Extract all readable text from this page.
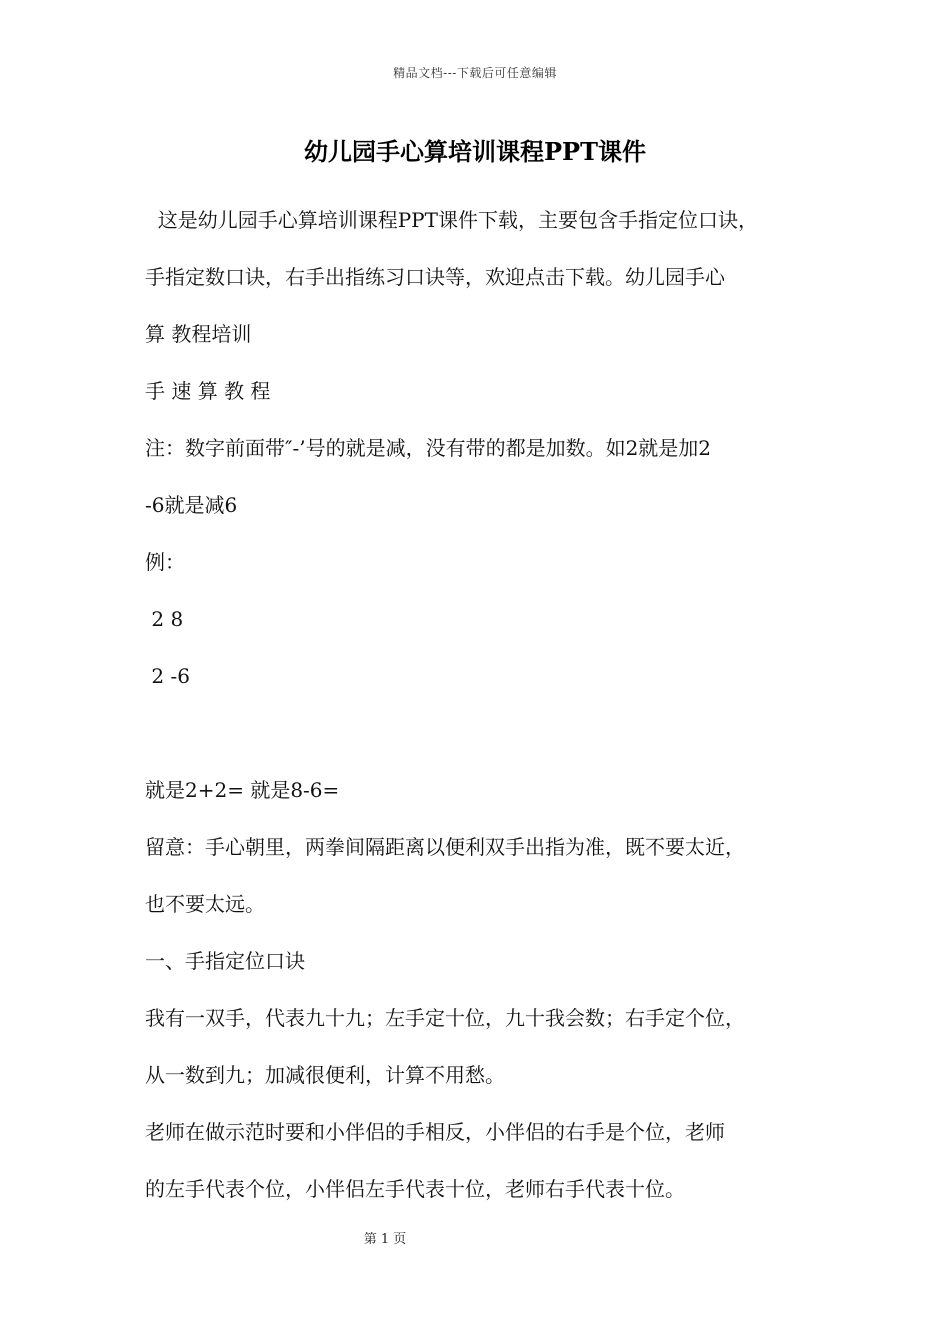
精品文档---下载后可任意编辑
幼儿园手心算培训课程PPT课件
这是幼儿园手心算培训课程PPT课件下载，主要包含手指定位口诀，
手指定数口诀，右手出指练习口诀等，欢迎点击下载。幼儿园手心
算 教程培训
手 速 算 教 程
注：数字前面带″-’号的就是减，没有带的都是加数。如2就是加2
-6就是减6
例：
2 8
2 -6
就是2+2= 就是8-6=
留意：手心朝里，两拳间隔距离以便利双手出指为准，既不要太近，
也不要太远。
一、手指定位口诀
我有一双手，代表九十九；左手定十位，九十我会数；右手定个位，
从一数到九；加减很便利，计算不用愁。
老师在做示范时要和小伴侣的手相反，小伴侣的右手是个位，老师
的左手代表个位，小伴侣左手代表十位，老师右手代表十位。
第 1 页
